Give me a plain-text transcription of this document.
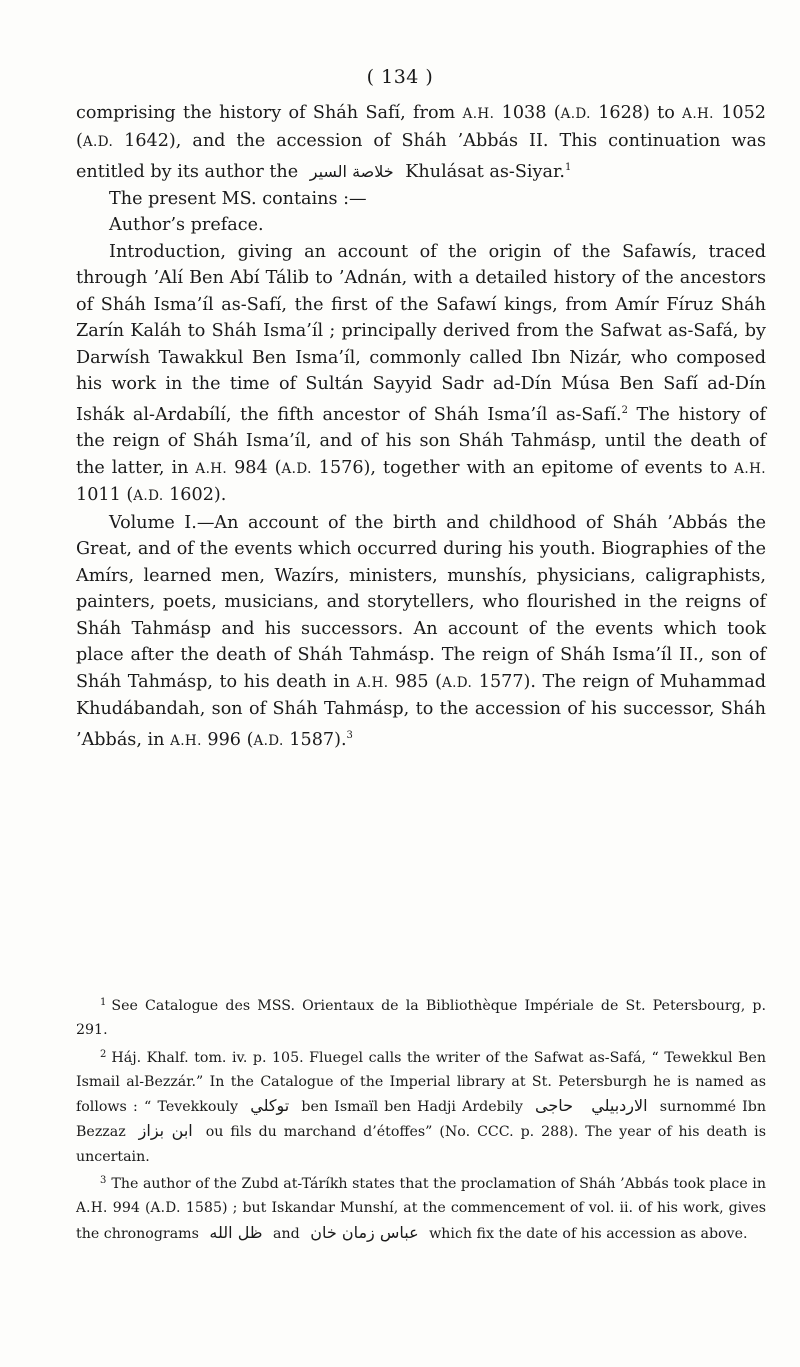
( 134 )

comprising the history of Sháh Safí, from A.H. 1038 (A.D. 1628) to A.H. 1052 (A.D. 1642), and the accession of Sháh ’Abbás II. This continuation was entitled by its author the خلاصة السير Khulásat as-Siyar.$^1$

The present MS. contains :—

Author’s preface.

Introduction, giving an account of the origin of the Safawís, traced through ’Alí Ben Abí Tálib to ’Adnán, with a detailed history of the ancestors of Sháh Isma’íl as-Safí, the first of the Safawí kings, from Amír Fíruz Sháh Zarín Kaláh to Sháh Isma’íl ; principally derived from the Safwat as-Safá, by Darwísh Tawakkul Ben Isma’íl, commonly called Ibn Nizár, who composed his work in the time of Sultán Sayyid Sadr ad-Dín Músa Ben Safí ad-Dín Ishák al-Ardabílí, the fifth ancestor of Sháh Isma’íl as-Safí.$^2$ The history of the reign of Sháh Isma’íl, and of his son Sháh Tahmásp, until the death of the latter, in A.H. 984 (A.D. 1576), together with an epitome of events to A.H. 1011 (A.D. 1602).

Volume I.—An account of the birth and childhood of Sháh ’Abbás the Great, and of the events which occurred during his youth. Biographies of the Amírs, learned men, Wazírs, ministers, munshís, physicians, caligraphists, painters, poets, musicians, and storytellers, who flourished in the reigns of Sháh Tahmásp and his successors. An account of the events which took place after the death of Sháh Tahmásp. The reign of Sháh Isma’íl II., son of Sháh Tahmásp, to his death in A.H. 985 (A.D. 1577). The reign of Muhammad Khudábandah, son of Sháh Tahmásp, to the accession of his successor, Sháh ’Abbás, in A.H. 996 (A.D. 1587).$^3$

$^1$ See Catalogue des MSS. Orientaux de la Bibliothèque Impériale de St. Petersbourg, p. 291.

$^2$ Háj. Khalf. tom. iv. p. 105. Fluegel calls the writer of the Safwat as-Safá, “ Tewekkul Ben Ismail al-Bezzár.” In the Catalogue of the Imperial library at St. Petersburgh he is named as follows : “ Tevekkouly توكلي ben Ismaïl ben Hadji Ardebily	الاردبيلي حاجى	surnommé Ibn Bezzaz ابن بزاز ou fils du marchand d’étoffes” (No. CCC. p. 288). The year of his death is uncertain.

$^3$ The author of the Zubd at-Táríkh states that the proclamation of Sháh ’Abbás took place in A.H. 994 (A.D. 1585) ; but Iskandar Munshí, at the commencement of vol. ii. of his work, gives the chronograms ظل الله and عباس زمان خان which fix the date of his accession as above.
